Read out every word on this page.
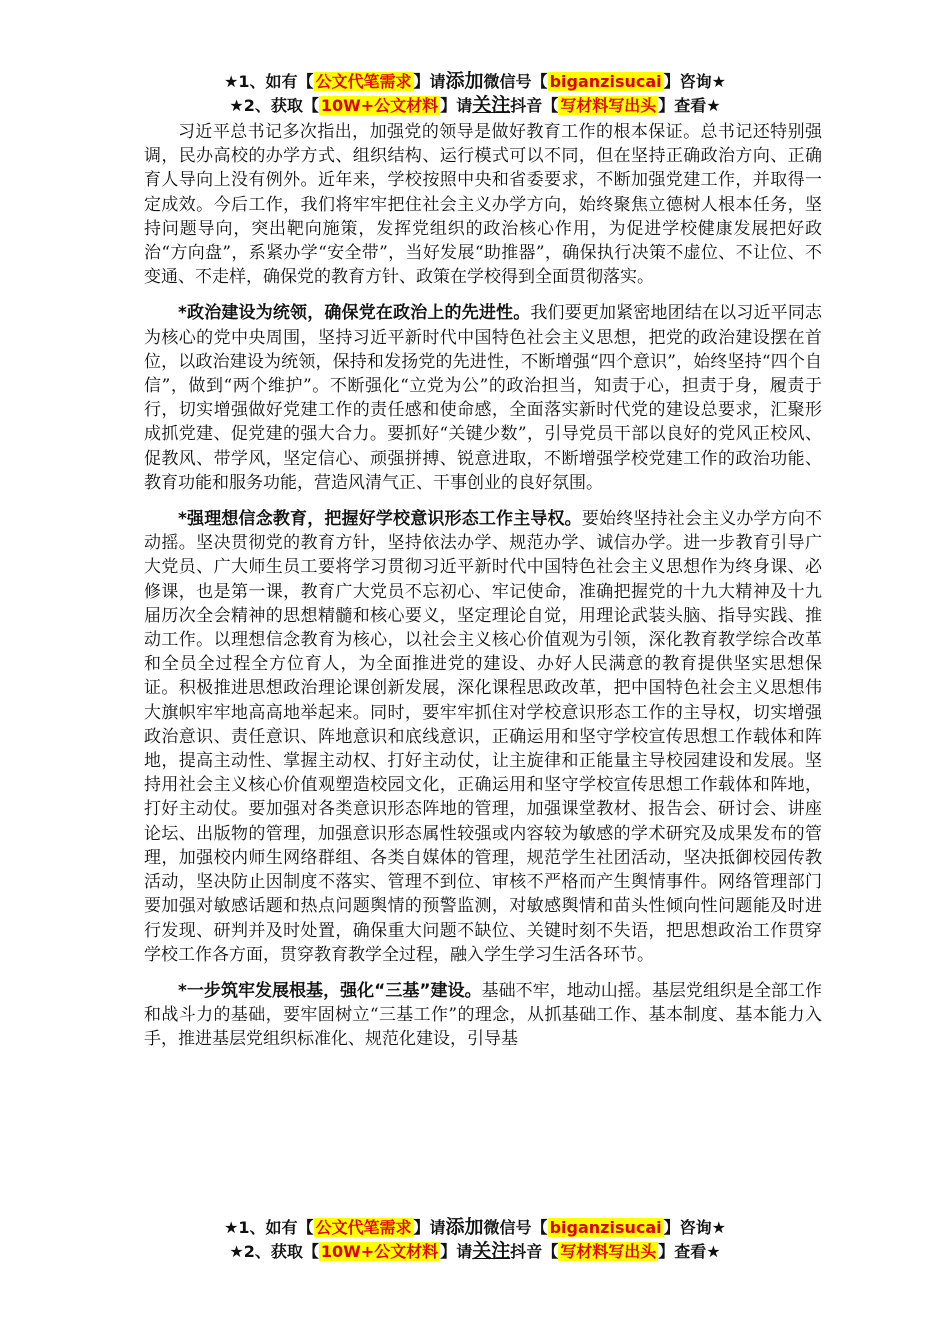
★1、如有【 公文代笔需求 】请添加微信号【 biganzisucai 】咨询★
★2、获取【 10W+公文材料 】请关注抖音【 写材料写出头 】查看★

习近平总书记多次指出，加强党的领导是做好教育工作的根本保证。总书记还特别强调，民办高校的办学方式、组织结构、运行模式可以不同，但在坚持正确政治方向、正确育人导向上没有例外。近年来，学校按照中央和省委要求，不断加强党建工作，并取得一定成效。今后工作，我们将牢牢把住社会主义办学方向，始终聚焦立德树人根本任务，坚持问题导向，突出靶向施策，发挥党组织的政治核心作用，为促进学校健康发展把好政治“方向盘”，系紧办学“安全带”，当好发展“助推器”，确保执行决策不虚位、不让位、不变通、不走样，确保党的教育方针、政策在学校得到全面贯彻落实。

*政治建设为统领，确保党在政治上的先进性。我们要更加紧密地团结在以习近平同志为核心的党中央周围，坚持习近平新时代中国特色社会主义思想，把党的政治建设摆在首位，以政治建设为统领，保持和发扬党的先进性，不断增强“四个意识”，始终坚持“四个自信”，做到“两个维护”。不断强化“立党为公”的政治担当，知责于心，担责于身，履责于行，切实增强做好党建工作的责任感和使命感，全面落实新时代党的建设总要求，汇聚形成抓党建、促党建的强大合力。要抓好“关键少数”，引导党员干部以良好的党风正校风、促教风、带学风，坚定信心、顽强拼搏、锐意进取，不断增强学校党建工作的政治功能、教育功能和服务功能，营造风清气正、干事创业的良好氛围。

*强理想信念教育，把握好学校意识形态工作主导权。要始终坚持社会主义办学方向不动摇。坚决贯彻党的教育方针，坚持依法办学、规范办学、诚信办学。进一步教育引导广大党员、广大师生员工要将学习贯彻习近平新时代中国特色社会主义思想作为终身课、必修课，也是第一课，教育广大党员不忘初心、牢记使命，准确把握党的十九大精神及十九届历次全会精神的思想精髓和核心要义，坚定理论自觉，用理论武装头脑、指导实践、推动工作。以理想信念教育为核心，以社会主义核心价值观为引领，深化教育教学综合改革和全员全过程全方位育人，为全面推进党的建设、办好人民满意的教育提供坚实思想保证。积极推进思想政治理论课创新发展，深化课程思政改革，把中国特色社会主义思想伟大旗帜牢牢地高高地举起来。同时，要牢牢抓住对学校意识形态工作的主导权，切实增强政治意识、责任意识、阵地意识和底线意识，正确运用和坚守学校宣传思想工作载体和阵地，提高主动性、掌握主动权、打好主动仗，让主旋律和正能量主导校园建设和发展。坚持用社会主义核心价值观塑造校园文化，正确运用和坚守学校宣传思想工作载体和阵地，打好主动仗。要加强对各类意识形态阵地的管理，加强课堂教材、报告会、研讨会、讲座论坛、出版物的管理，加强意识形态属性较强或内容较为敏感的学术研究及成果发布的管理，加强校内师生网络群组、各类自媒体的管理，规范学生社团活动，坚决抵御校园传教活动，坚决防止因制度不落实、管理不到位、审核不严格而产生舆情事件。网络管理部门要加强对敏感话题和热点问题舆情的预警监测，对敏感舆情和苗头性倾向性问题能及时进行发现、研判并及时处置，确保重大问题不缺位、关键时刻不失语，把思想政治工作贯穿学校工作各方面，贯穿教育教学全过程，融入学生学习生活各环节。

*一步筑牢发展根基，强化“三基”建设。基础不牢，地动山摇。基层党组织是全部工作和战斗力的基础，要牢固树立“三基工作”的理念，从抓基础工作、基本制度、基本能力入手，推进基层党组织标准化、规范化建设，引导基

★1、如有【 公文代笔需求 】请添加微信号【 biganzisucai 】咨询★
★2、获取【 10W+公文材料 】请关注抖音【 写材料写出头 】查看★
